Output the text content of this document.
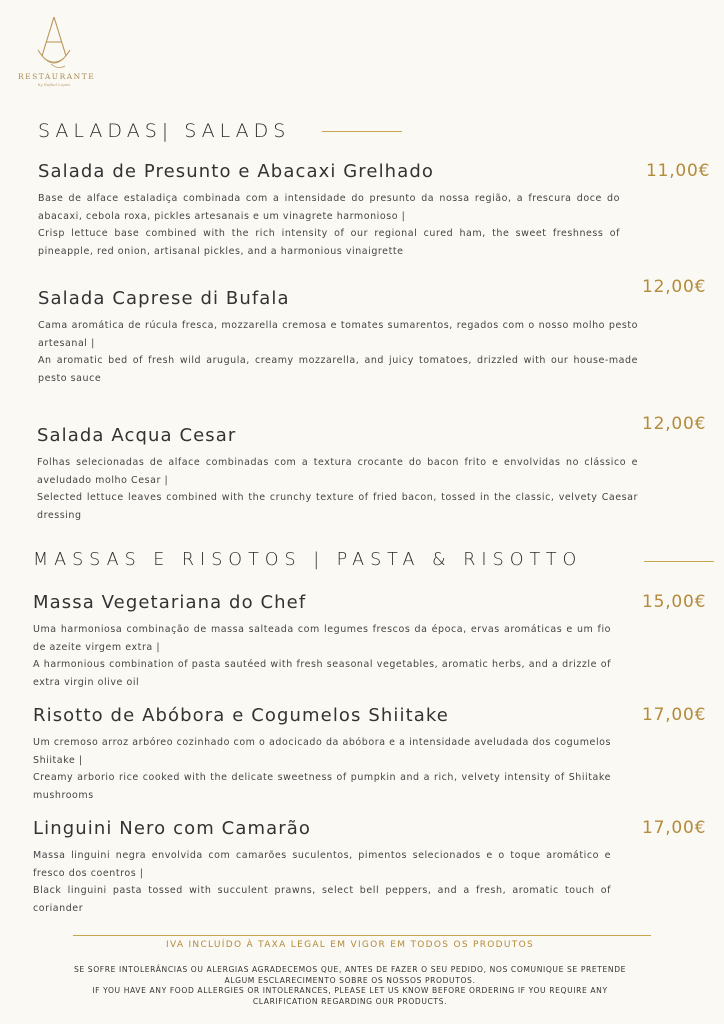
RESTAURANTE
by Rafael Lopes
SALADAS| SALADS
Salada de Presunto e Abacaxi Grelhado

Base de alface estaladiça combinada com a intensidade do presunto da nossa região, a frescura doce do abacaxi, cebola roxa, pickles artesanais e um vinagrete harmonioso |

Crisp lettuce base combined with the rich intensity of our regional cured ham, the sweet freshness of pineapple, red onion, artisanal pickles, and a harmonious vinaigrette

11,00€
Salada Caprese di Bufala

Cama aromática de rúcula fresca, mozzarella cremosa e tomates sumarentos, regados com o nosso molho pesto artesanal |

An aromatic bed of fresh wild arugula, creamy mozzarella, and juicy tomatoes, drizzled with our house-made pesto sauce

12,00€
Salada Acqua Cesar

Folhas selecionadas de alface combinadas com a textura crocante do bacon frito e envolvidas no clássico e aveludado molho Cesar |

Selected lettuce leaves combined with the crunchy texture of fried bacon, tossed in the classic, velvety Caesar dressing

12,00€
MASSAS E RISOTOS | PASTA & RISOTTO
Massa Vegetariana do Chef

Uma harmoniosa combinação de massa salteada com legumes frescos da época, ervas aromáticas e um fio de azeite virgem extra |

A harmonious combination of pasta sautéed with fresh seasonal vegetables, aromatic herbs, and a drizzle of extra virgin olive oil

15,00€
Risotto de Abóbora e Cogumelos Shiitake

Um cremoso arroz arbóreo cozinhado com o adocicado da abóbora e a intensidade aveludada dos cogumelos Shiitake |

Creamy arborio rice cooked with the delicate sweetness of pumpkin and a rich, velvety intensity of Shiitake mushrooms

17,00€
Linguini Nero com Camarão

Massa linguini negra envolvida com camarões suculentos, pimentos selecionados e o toque aromático e fresco dos coentros |

Black linguini pasta tossed with succulent prawns, select bell peppers, and a fresh, aromatic touch of coriander

17,00€
IVA INCLUÍDO À TAXA LEGAL EM VIGOR EM TODOS OS PRODUTOS

SE SOFRE INTOLERÂNCIAS OU ALERGIAS AGRADECEMOS QUE, ANTES DE FAZER O SEU PEDIDO, NOS COMUNIQUE SE PRETENDE ALGUM ESCLARECIMENTO SOBRE OS NOSSOS PRODUTOS.

IF YOU HAVE ANY FOOD ALLERGIES OR INTOLERANCES, PLEASE LET US KNOW BEFORE ORDERING IF YOU REQUIRE ANY CLARIFICATION REGARDING OUR PRODUCTS.
